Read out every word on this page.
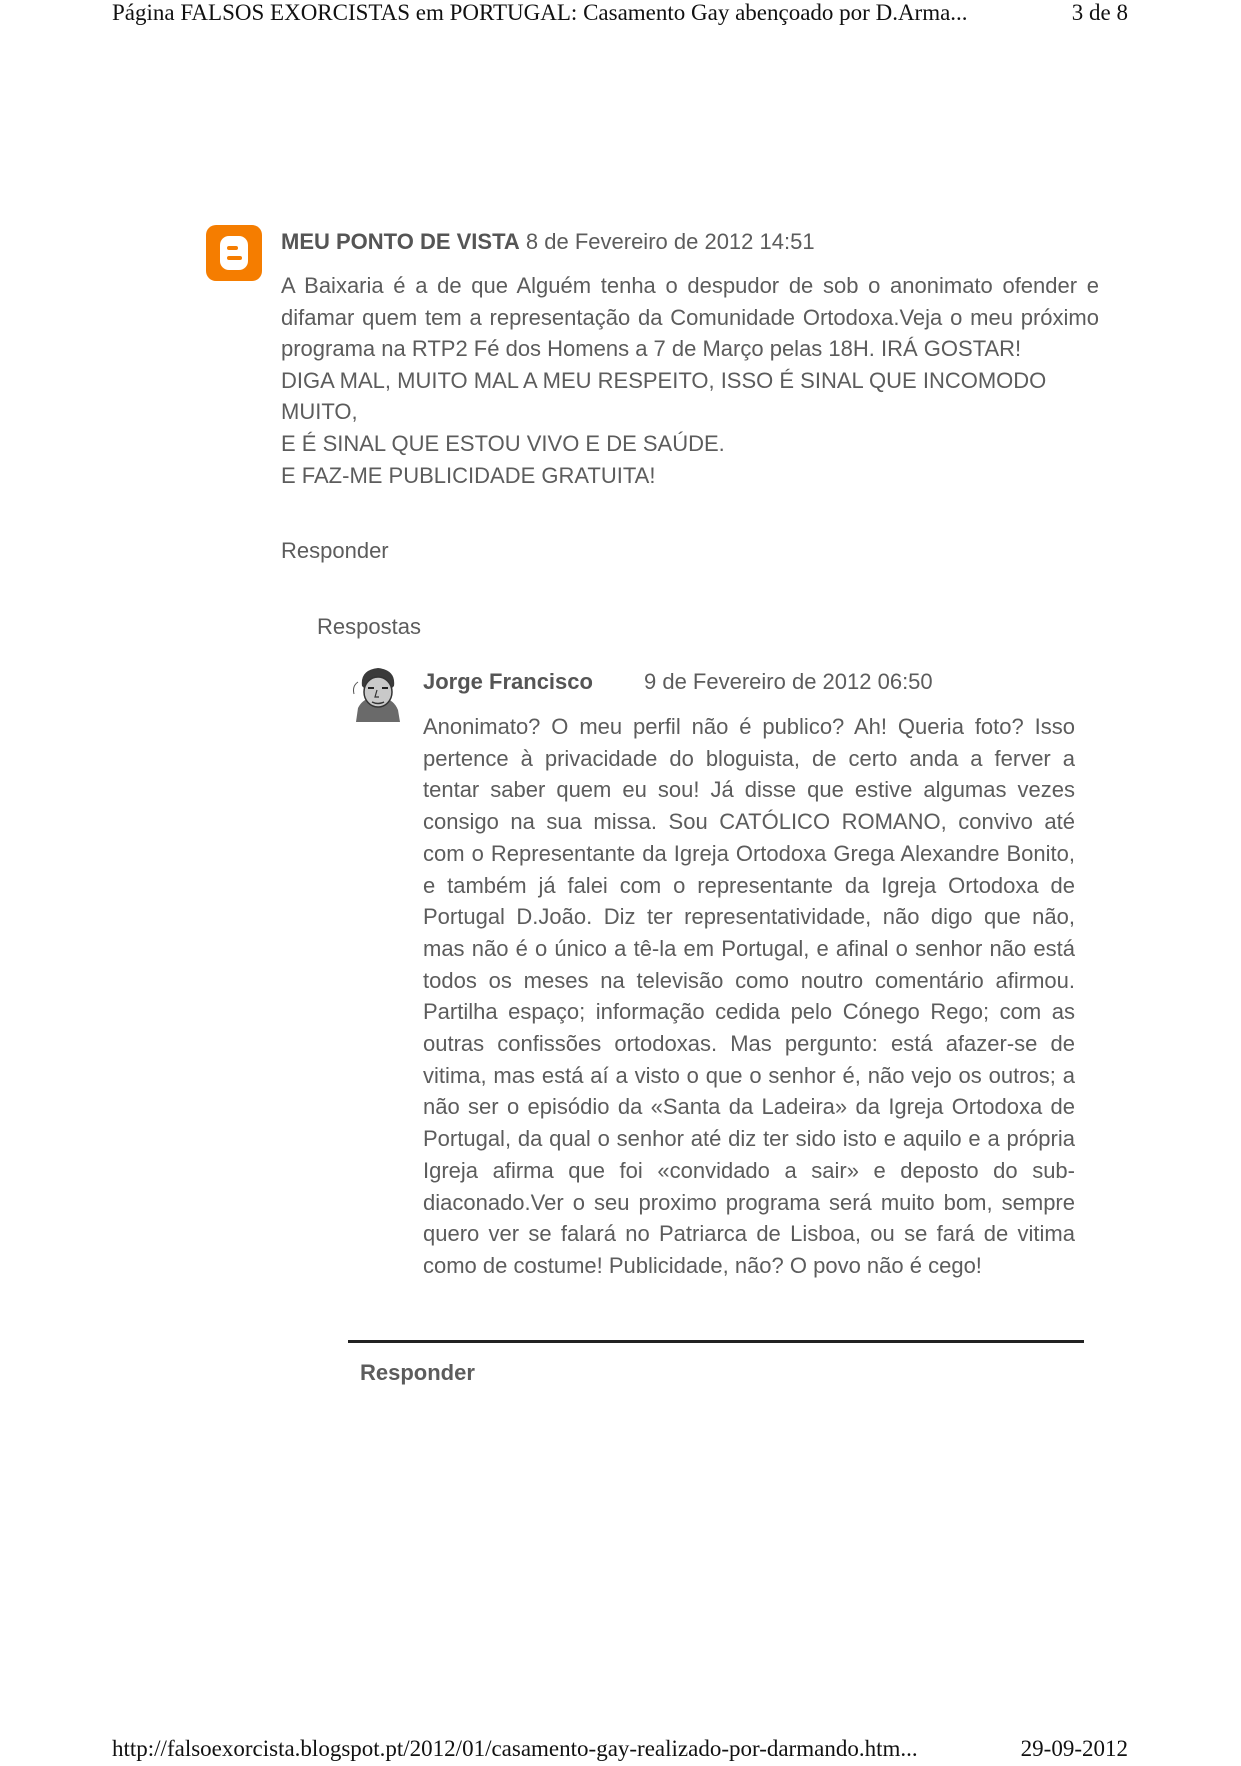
Página FALSOS EXORCISTAS em PORTUGAL: Casamento Gay abençoado por D.Arma...	3 de 8
MEU PONTO DE VISTA 8 de Fevereiro de 2012 14:51

A Baixaria é a de que Alguém tenha o despudor de sob o anonimato ofender e difamar quem tem a representação da Comunidade Ortodoxa.Veja o meu próximo programa na RTP2 Fé dos Homens a 7 de Março pelas 18H. IRÁ GOSTAR!

DIGA MAL, MUITO MAL A MEU RESPEITO, ISSO É SINAL QUE INCOMODO MUITO,

E É SINAL QUE ESTOU VIVO E DE SAÚDE.

E FAZ-ME PUBLICIDADE GRATUITA!

Responder
Respostas
Jorge Francisco 9 de Fevereiro de 2012 06:50

Anonimato? O meu perfil não é publico? Ah! Queria foto? Isso pertence à privacidade do bloguista, de certo anda a ferver a tentar saber quem eu sou! Já disse que estive algumas vezes consigo na sua missa. Sou CATÓLICO ROMANO, convivo até com o Representante da Igreja Ortodoxa Grega Alexandre Bonito, e também já falei com o representante da Igreja Ortodoxa de Portugal D.João. Diz ter representatividade, não digo que não, mas não é o único a tê-la em Portugal, e afinal o senhor não está todos os meses na televisão como noutro comentário afirmou. Partilha espaço; informação cedida pelo Cónego Rego; com as outras confissões ortodoxas. Mas pergunto: está afazer-se de vitima, mas está aí a visto o que o senhor é, não vejo os outros; a não ser o episódio da «Santa da Ladeira» da Igreja Ortodoxa de Portugal, da qual o senhor até diz ter sido isto e aquilo e a própria Igreja afirma que foi «convidado a sair» e deposto do sub-diaconado.Ver o seu proximo programa será muito bom, sempre quero ver se falará no Patriarca de Lisboa, ou se fará de vitima como de costume! Publicidade, não? O povo não é cego!

Responder
http://falsoexorcista.blogspot.pt/2012/01/casamento-gay-realizado-por-darmando.htm...	29-09-2012
